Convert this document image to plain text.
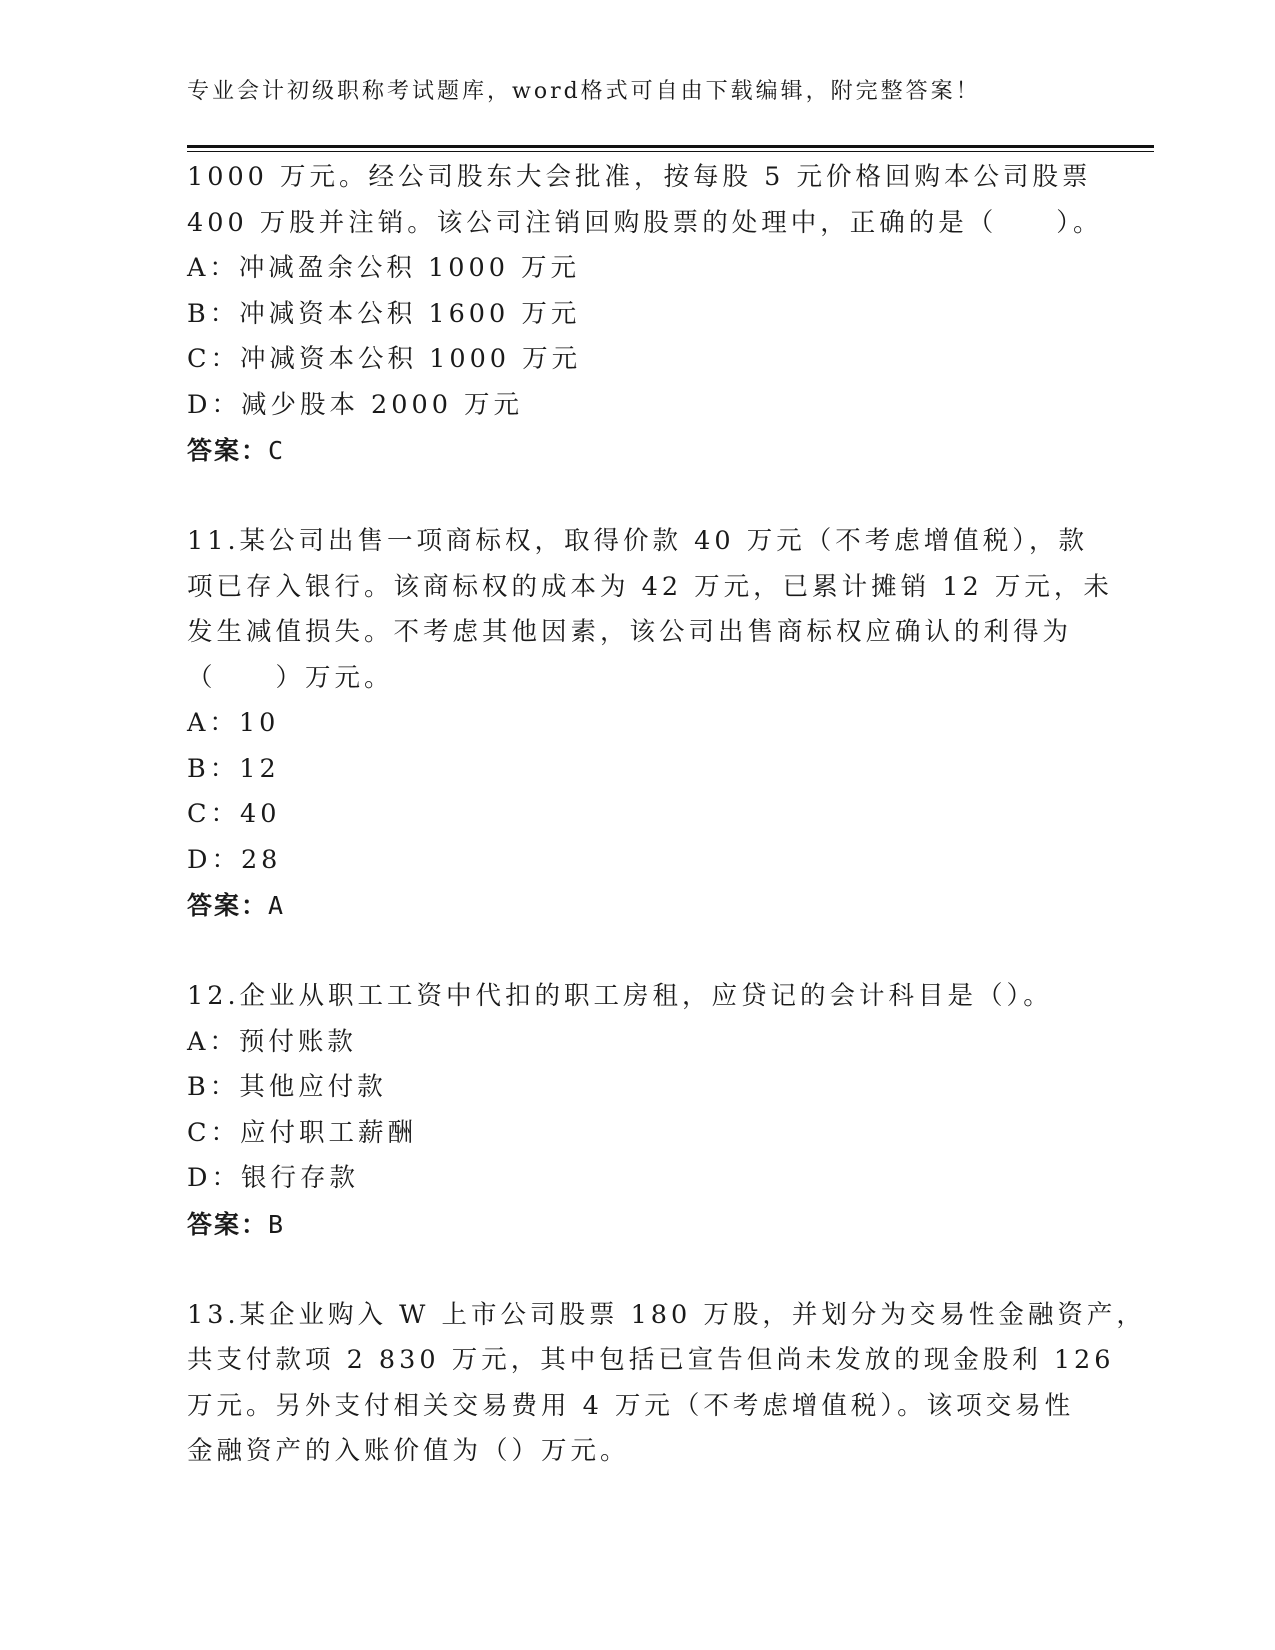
专业会计初级职称考试题库，word格式可自由下载编辑，附完整答案！
1000 万元。经公司股东大会批准，按每股 5 元价格回购本公司股票
400 万股并注销。该公司注销回购股票的处理中，正确的是（　　）。
A：冲减盈余公积 1000 万元
B：冲减资本公积 1600 万元
C：冲减资本公积 1000 万元
D：减少股本 2000 万元
答案：C
11.某公司出售一项商标权，取得价款 40 万元（不考虑增值税），款
项已存入银行。该商标权的成本为 42 万元，已累计摊销 12 万元，未
发生减值损失。不考虑其他因素，该公司出售商标权应确认的利得为
（　　）万元。
A：10
B：12
C：40
D：28
答案：A
12.企业从职工工资中代扣的职工房租，应贷记的会计科目是（）。
A：预付账款
B：其他应付款
C：应付职工薪酬
D：银行存款
答案：B
13.某企业购入 W 上市公司股票 180 万股，并划分为交易性金融资产，
共支付款项 2 830 万元，其中包括已宣告但尚未发放的现金股利 126
万元。另外支付相关交易费用 4 万元（不考虑增值税）。该项交易性
金融资产的入账价值为（）万元。
